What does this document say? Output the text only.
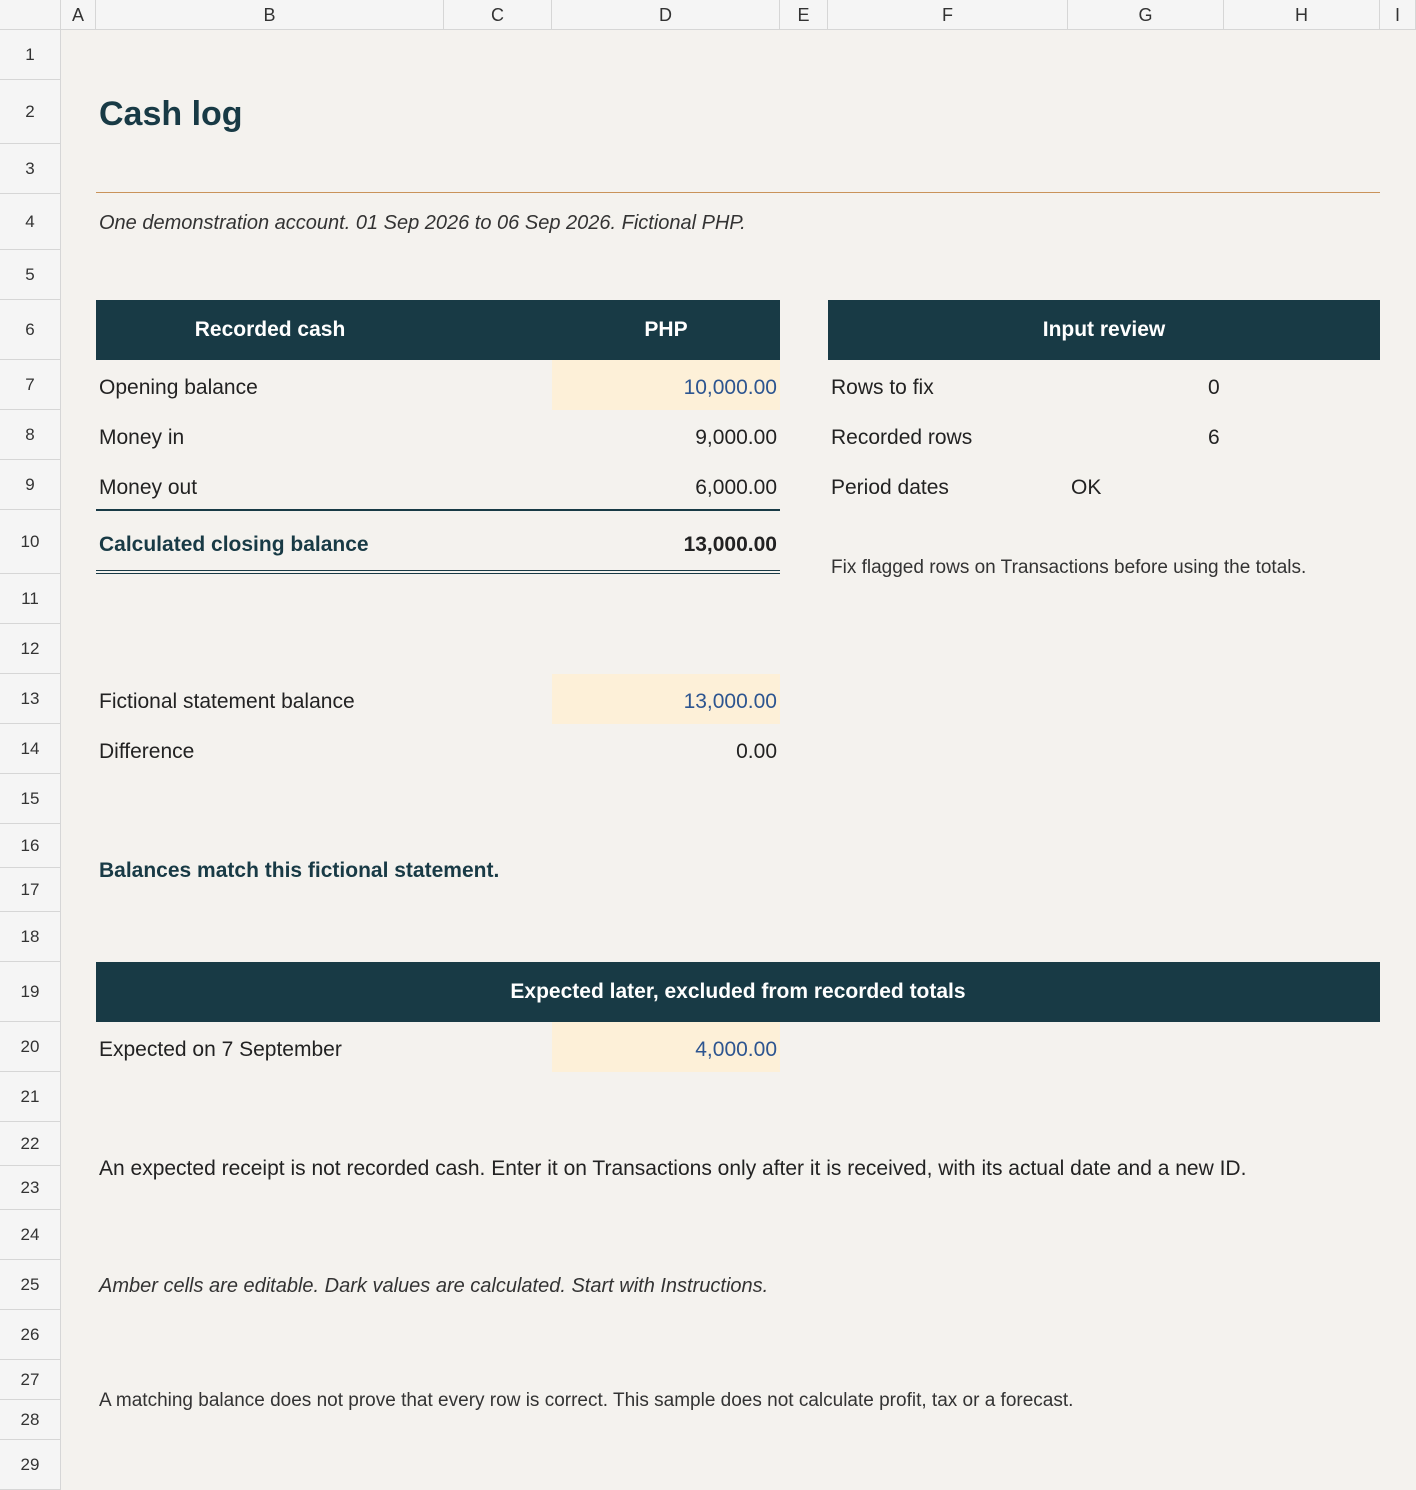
A	B	C	D	E	F	G	H	I
1
2
3
4
5
6
7
8
9
10
11
12
13
14
15
16
17
18
19
20
21
22
23
24
25
26
27
28
29
Cash log
One demonstration account. 01 Sep 2026 to 06 Sep 2026. Fictional PHP.
Recorded cash	PHP
Opening balance	10,000.00
Money in	9,000.00
Money out	6,000.00
Calculated closing balance	13,000.00
Fictional statement balance	13,000.00
Difference	0.00
Balances match this fictional statement.
Input review
Rows to fix	0
Recorded rows	6
Period dates	OK
Fix flagged rows on Transactions before using the totals.
Expected later, excluded from recorded totals
Expected on 7 September	4,000.00
An expected receipt is not recorded cash. Enter it on Transactions only after it is received, with its actual date and a new ID.
Amber cells are editable. Dark values are calculated. Start with Instructions.
A matching balance does not prove that every row is correct. This sample does not calculate profit, tax or a forecast.
